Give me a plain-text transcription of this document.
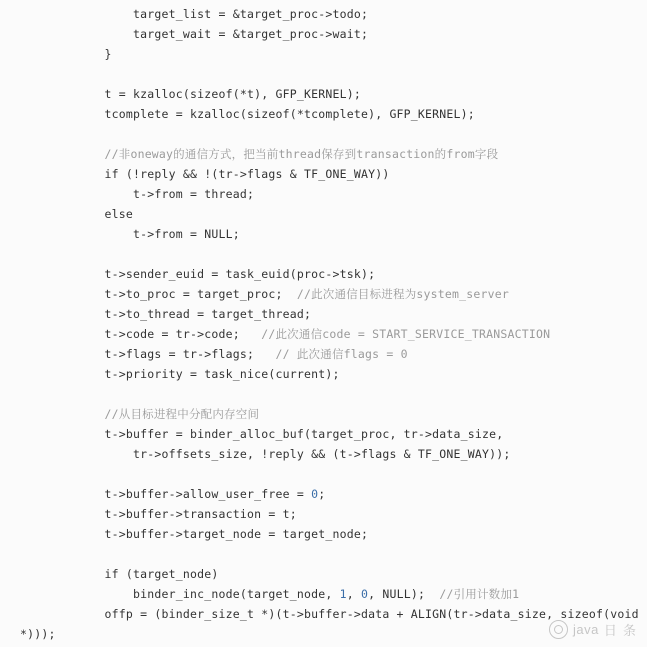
target_list = &target_proc->todo;
target_wait = &target_proc->wait;
}

t = kzalloc(sizeof(*t), GFP_KERNEL);
tcomplete = kzalloc(sizeof(*tcomplete), GFP_KERNEL);

//非oneway的通信方式，把当前thread保存到transaction的from字段
if (!reply && !(tr->flags & TF_ONE_WAY))
t->from = thread;
else
t->from = NULL;

t->sender_euid = task_euid(proc->tsk);
t->to_proc = target_proc;  //此次通信目标进程为system_server
t->to_thread = target_thread;
t->code = tr->code;   //此次通信code = START_SERVICE_TRANSACTION
t->flags = tr->flags;   // 此次通信flags = 0
t->priority = task_nice(current);

//从目标进程中分配内存空间
t->buffer = binder_alloc_buf(target_proc, tr->data_size,
tr->offsets_size, !reply && (t->flags & TF_ONE_WAY));

t->buffer->allow_user_free = 0;
t->buffer->transaction = t;
t->buffer->target_node = target_node;

if (target_node)
binder_inc_node(target_node, 1, 0, NULL);  //引用计数加1
offp = (binder_size_t *)(t->buffer->data + ALIGN(tr->data_size, sizeof(void
*)));	java 日 条
